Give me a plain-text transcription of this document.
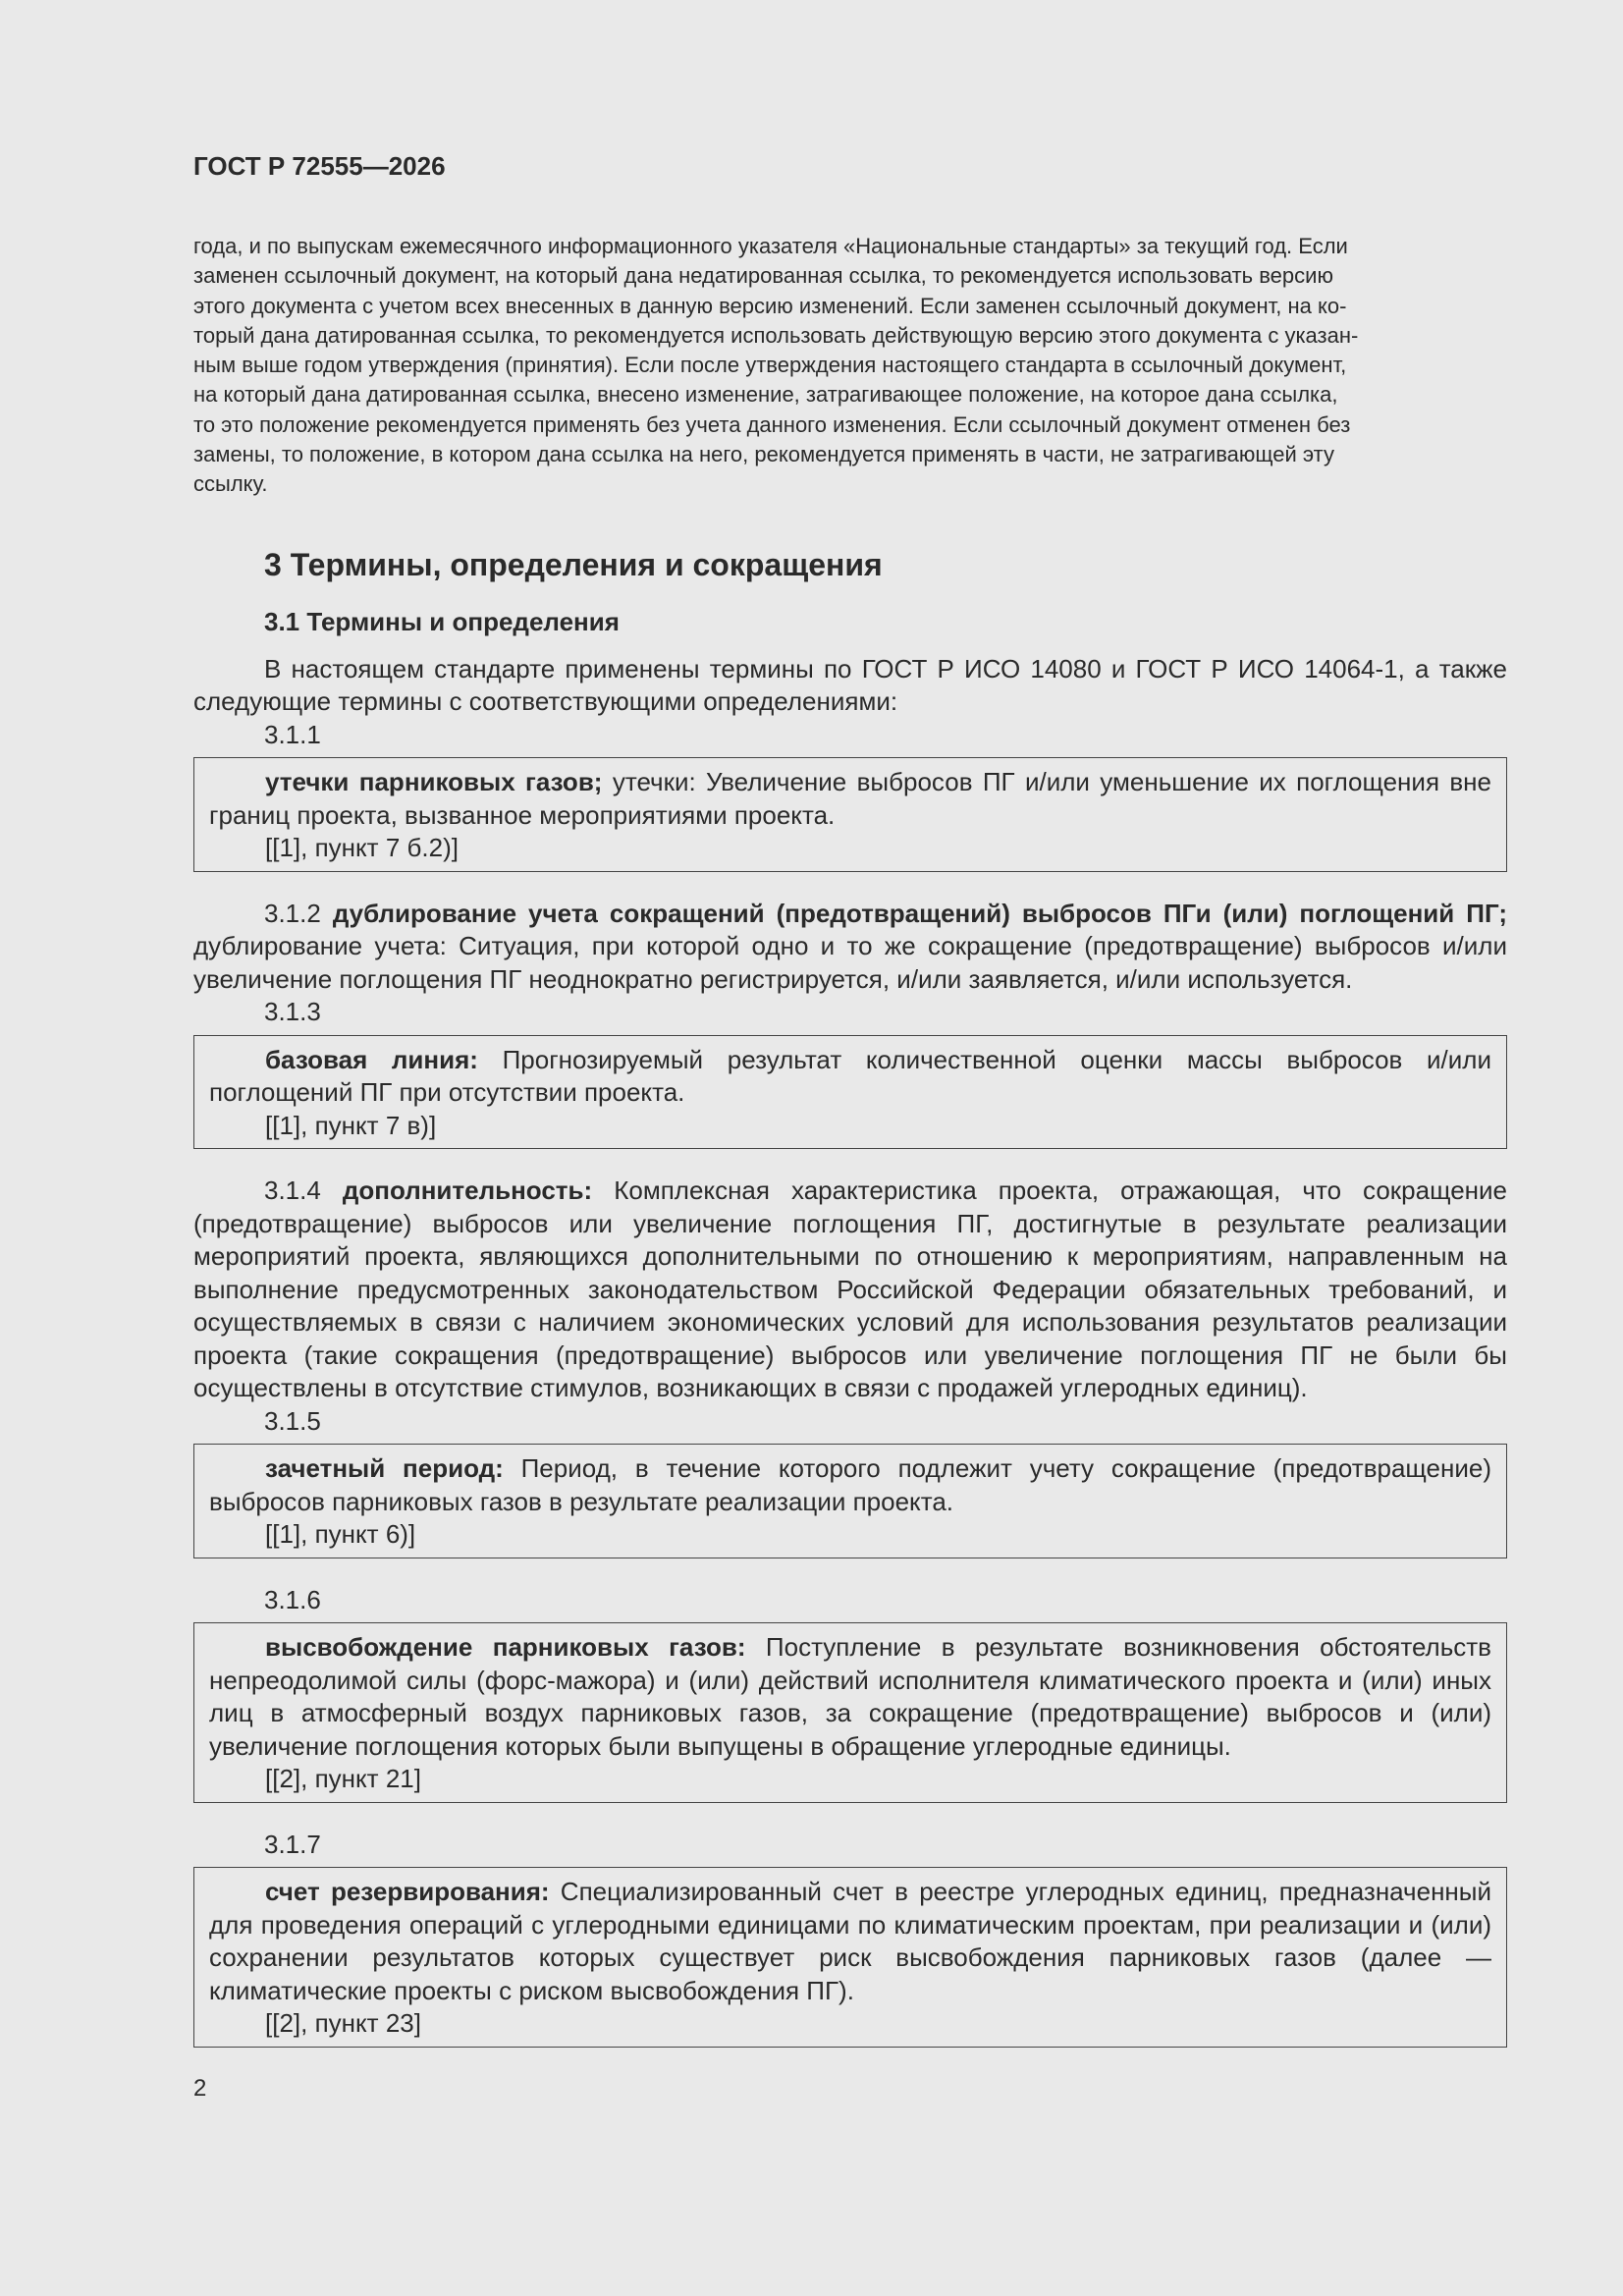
ГОСТ Р 72555—2026
года, и по выпускам ежемесячного информационного указателя «Национальные стандарты» за текущий год. Если
заменен ссылочный документ, на который дана недатированная ссылка, то рекомендуется использовать версию
этого документа с учетом всех внесенных в данную версию изменений. Если заменен ссылочный документ, на ко-
торый дана датированная ссылка, то рекомендуется использовать действующую версию этого документа с указан-
ным выше годом утверждения (принятия). Если после утверждения настоящего стандарта в ссылочный документ,
на который дана датированная ссылка, внесено изменение, затрагивающее положение, на которое дана ссылка,
то это положение рекомендуется применять без учета данного изменения. Если ссылочный документ отменен без
замены, то положение, в котором дана ссылка на него, рекомендуется применять в части, не затрагивающей эту
ссылку.
3 Термины, определения и сокращения
3.1 Термины и определения
В настоящем стандарте применены термины по ГОСТ Р ИСО 14080 и ГОСТ Р ИСО 14064-1, а также следующие термины с соответствующими определениями:
3.1.1
утечки парниковых газов; утечки: Увеличение выбросов ПГ и/или уменьшение их поглощения вне границ проекта, вызванное мероприятиями проекта.
[[1], пункт 7 б.2)]
3.1.2 дублирование учета сокращений (предотвращений) выбросов ПГи (или) поглощений ПГ; дублирование учета: Ситуация, при которой одно и то же сокращение (предотвращение) выбросов и/или увеличение поглощения ПГ неоднократно регистрируется, и/или заявляется, и/или используется.
3.1.3
базовая линия: Прогнозируемый результат количественной оценки массы выбросов и/или поглощений ПГ при отсутствии проекта.
[[1], пункт 7 в)]
3.1.4 дополнительность: Комплексная характеристика проекта, отражающая, что сокращение (предотвращение) выбросов или увеличение поглощения ПГ, достигнутые в результате реализации мероприятий проекта, являющихся дополнительными по отношению к мероприятиям, направленным на выполнение предусмотренных законодательством Российской Федерации обязательных требований, и осуществляемых в связи с наличием экономических условий для использования результатов реализации проекта (такие сокращения (предотвращение) выбросов или увеличение поглощения ПГ не были бы осуществлены в отсутствие стимулов, возникающих в связи с продажей углеродных единиц).
3.1.5
зачетный период: Период, в течение которого подлежит учету сокращение (предотвращение) выбросов парниковых газов в результате реализации проекта.
[[1], пункт 6)]
3.1.6
высвобождение парниковых газов: Поступление в результате возникновения обстоятельств непреодолимой силы (форс-мажора) и (или) действий исполнителя климатического проекта и (или) иных лиц в атмосферный воздух парниковых газов, за сокращение (предотвращение) выбросов и (или) увеличение поглощения которых были выпущены в обращение углеродные единицы.
[[2], пункт 21]
3.1.7
счет резервирования: Специализированный счет в реестре углеродных единиц, предназначенный для проведения операций с углеродными единицами по климатическим проектам, при реализации и (или) сохранении результатов которых существует риск высвобождения парниковых газов (далее — климатические проекты с риском высвобождения ПГ).
[[2], пункт 23]
2
